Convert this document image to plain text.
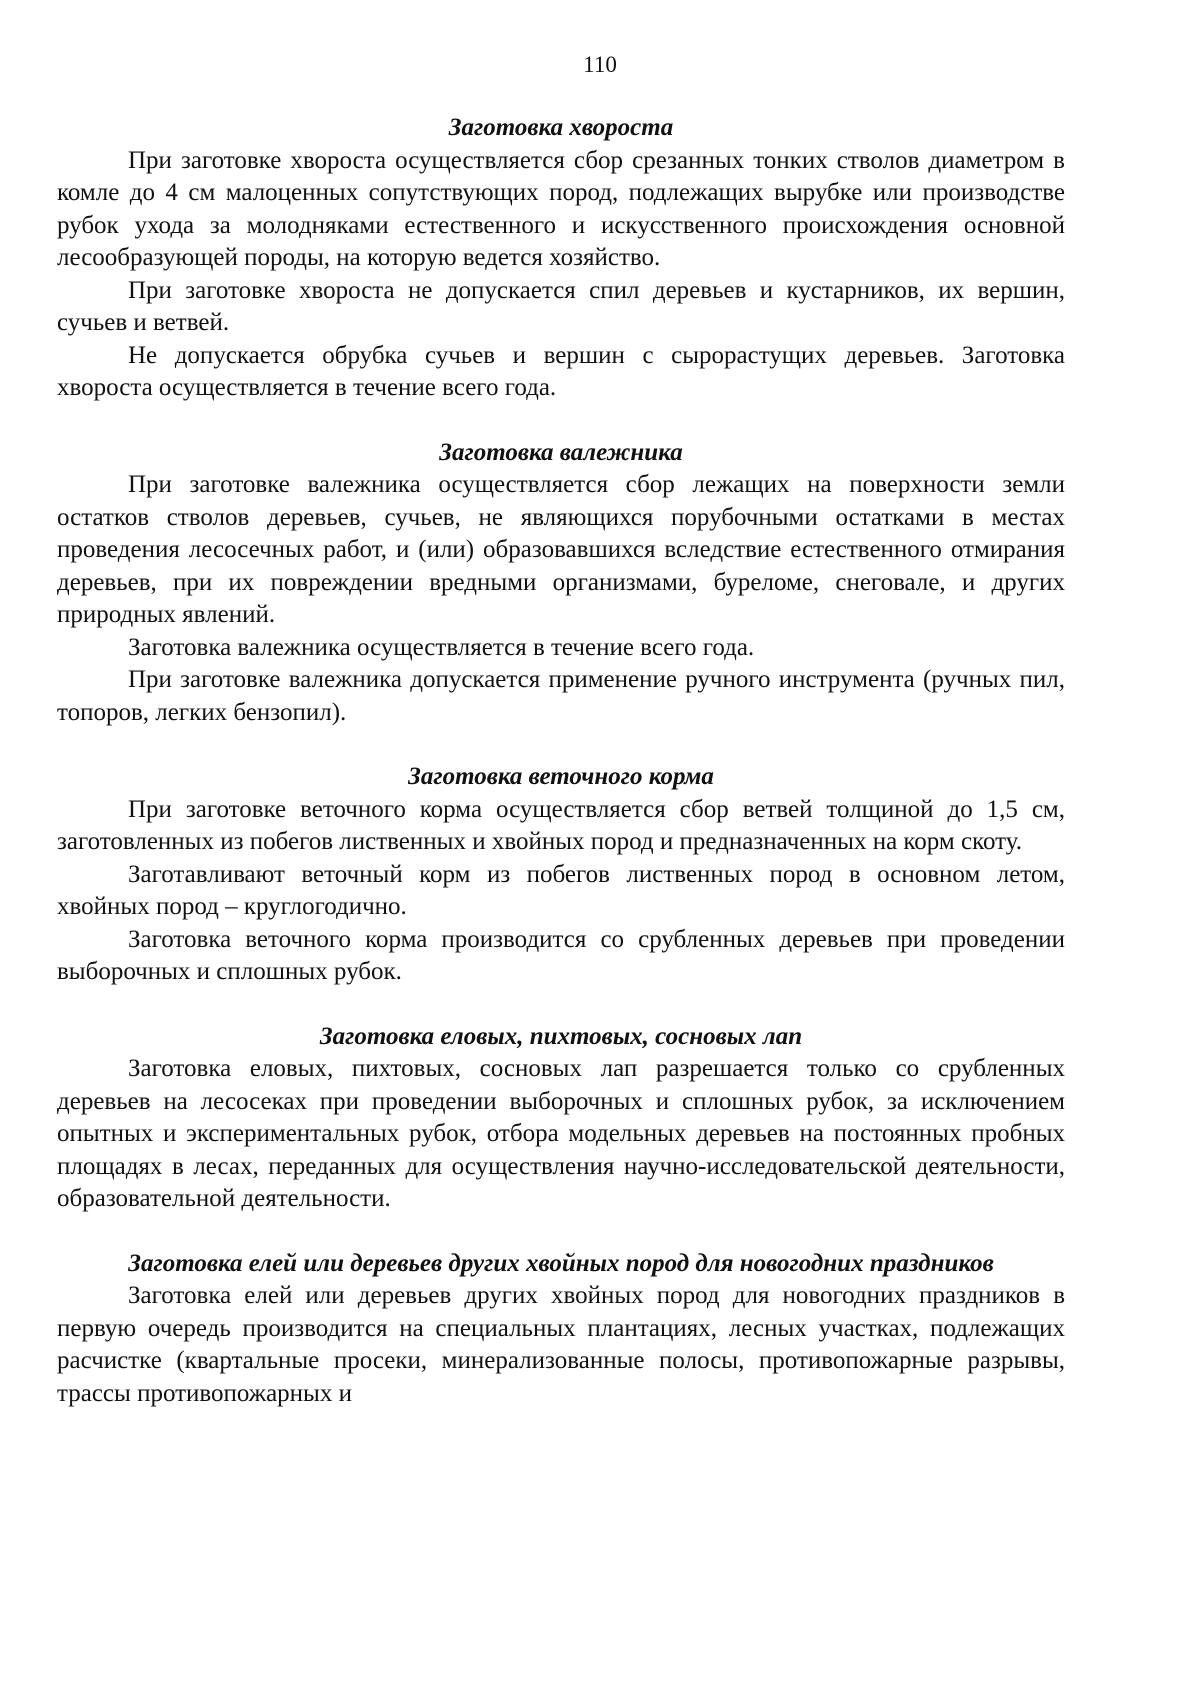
110
Заготовка хвороста

При заготовке хвороста осуществляется сбор срезанных тонких стволов диаметром в комле до 4 см малоценных сопутствующих пород, подлежащих вырубке или производстве рубок ухода за молодняками естественного и искусственного происхождения основной лесообразующей породы, на которую ведется хозяйство.

При заготовке хвороста не допускается спил деревьев и кустарников, их вершин, сучьев и ветвей.

Не допускается обрубка сучьев и вершин с сырорастущих деревьев. Заготовка хвороста осуществляется в течение всего года.

Заготовка валежника

При заготовке валежника осуществляется сбор лежащих на поверхности земли остатков стволов деревьев, сучьев, не являющихся порубочными остатками в местах проведения лесосечных работ, и (или) образовавшихся вследствие естественного отмирания деревьев, при их повреждении вредными организмами, буреломе, снеговале, и других природных явлений.

Заготовка валежника осуществляется в течение всего года.

При заготовке валежника допускается применение ручного инструмента (ручных пил, топоров, легких бензопил).

Заготовка веточного корма

При заготовке веточного корма осуществляется сбор ветвей толщиной до 1,5 см, заготовленных из побегов лиственных и хвойных пород и предназначенных на корм скоту.

Заготавливают веточный корм из побегов лиственных пород в основном летом, хвойных пород – круглогодично.

Заготовка веточного корма производится со срубленных деревьев при проведении выборочных и сплошных рубок.

Заготовка еловых, пихтовых, сосновых лап

Заготовка еловых, пихтовых, сосновых лап разрешается только со срубленных деревьев на лесосеках при проведении выборочных и сплошных рубок, за исключением опытных и экспериментальных рубок, отбора модельных деревьев на постоянных пробных площадях в лесах, переданных для осуществления научно-исследовательской деятельности, образовательной деятельности.

Заготовка елей или деревьев других хвойных пород для новогодних праздников

Заготовка елей или деревьев других хвойных пород для новогодних праздников в первую очередь производится на специальных плантациях, лесных участках, подлежащих расчистке (квартальные просеки, минерализованные полосы, противопожарные разрывы, трассы противопожарных и
